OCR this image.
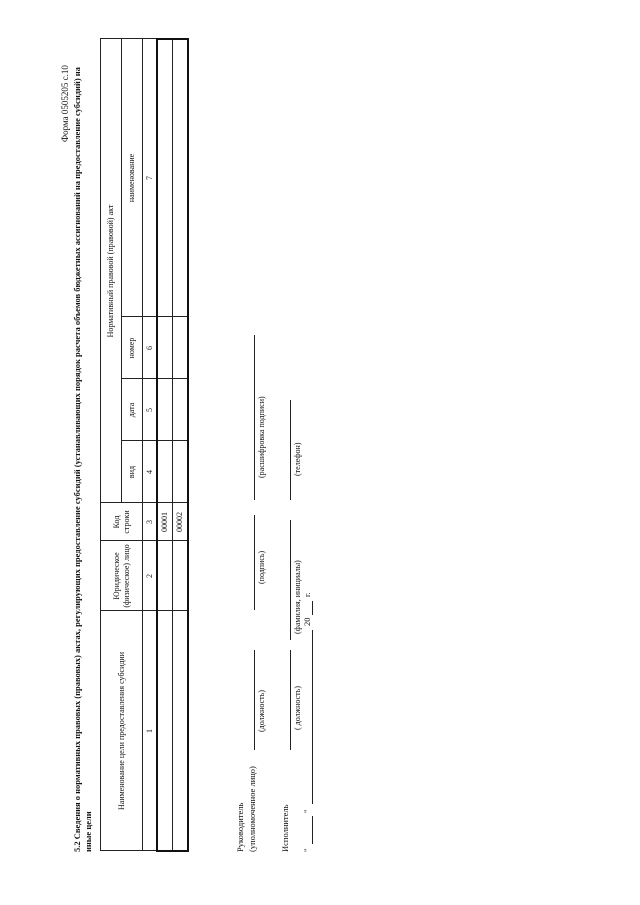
Форма 0505205 с.10 5.2 Сведения о нормативных правовых (правовых) актах, регулирующих предоставление субсидий (устанавливающих порядок расчета объемов бюджетных ассигнований на предоставление субсидий) на иные цели
Наименование цели предоставления субсидии	Юридическое (физическое) лицо	Код строки	Нормативный правовой (правовой) акт			
			вид	дата	номер	наименование
1	2	3	4	5	6	7
		00001				
		00002				
Руководитель (уполномоченное лицо)
(должность)
(подпись)
(расшифровка подписи)
Исполнитель
( должность)
(фамилия, инициалы)
(телефон)
"
"
20
г.
